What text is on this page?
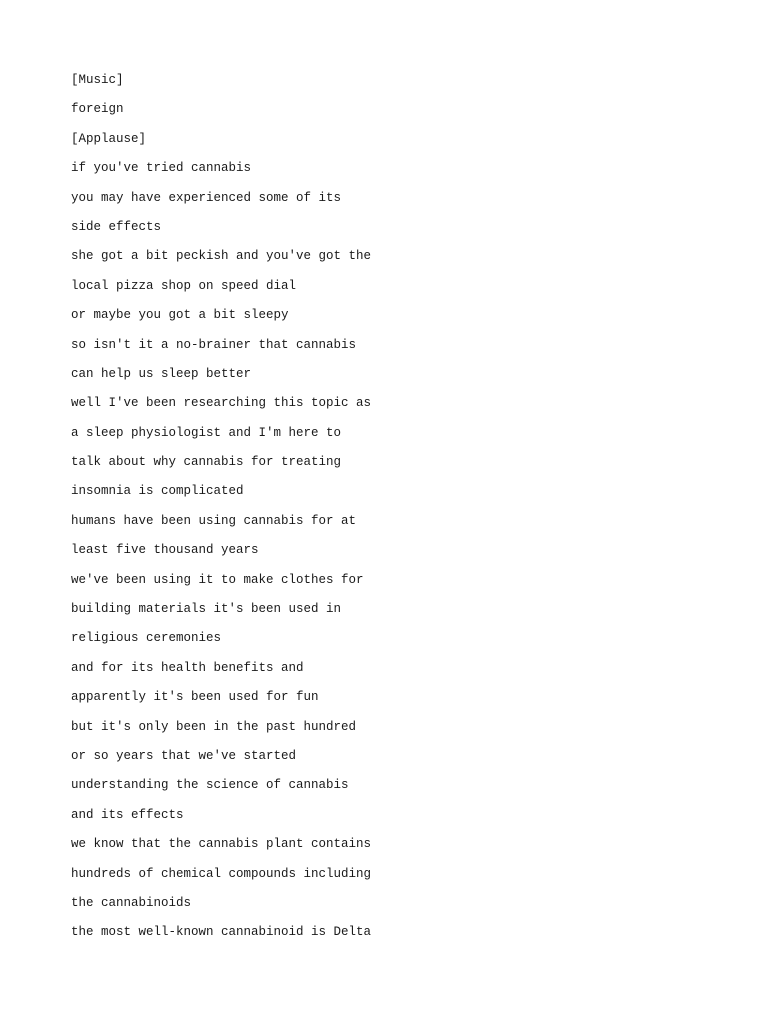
[Music]
foreign
[Applause]
if you've tried cannabis
you may have experienced some of its
side effects
she got a bit peckish and you've got the
local pizza shop on speed dial
or maybe you got a bit sleepy
so isn't it a no-brainer that cannabis
can help us sleep better
well I've been researching this topic as
a sleep physiologist and I'm here to
talk about why cannabis for treating
insomnia is complicated
humans have been using cannabis for at
least five thousand years
we've been using it to make clothes for
building materials it's been used in
religious ceremonies
and for its health benefits and
apparently it's been used for fun
but it's only been in the past hundred
or so years that we've started
understanding the science of cannabis
and its effects
we know that the cannabis plant contains
hundreds of chemical compounds including
the cannabinoids
the most well-known cannabinoid is Delta
